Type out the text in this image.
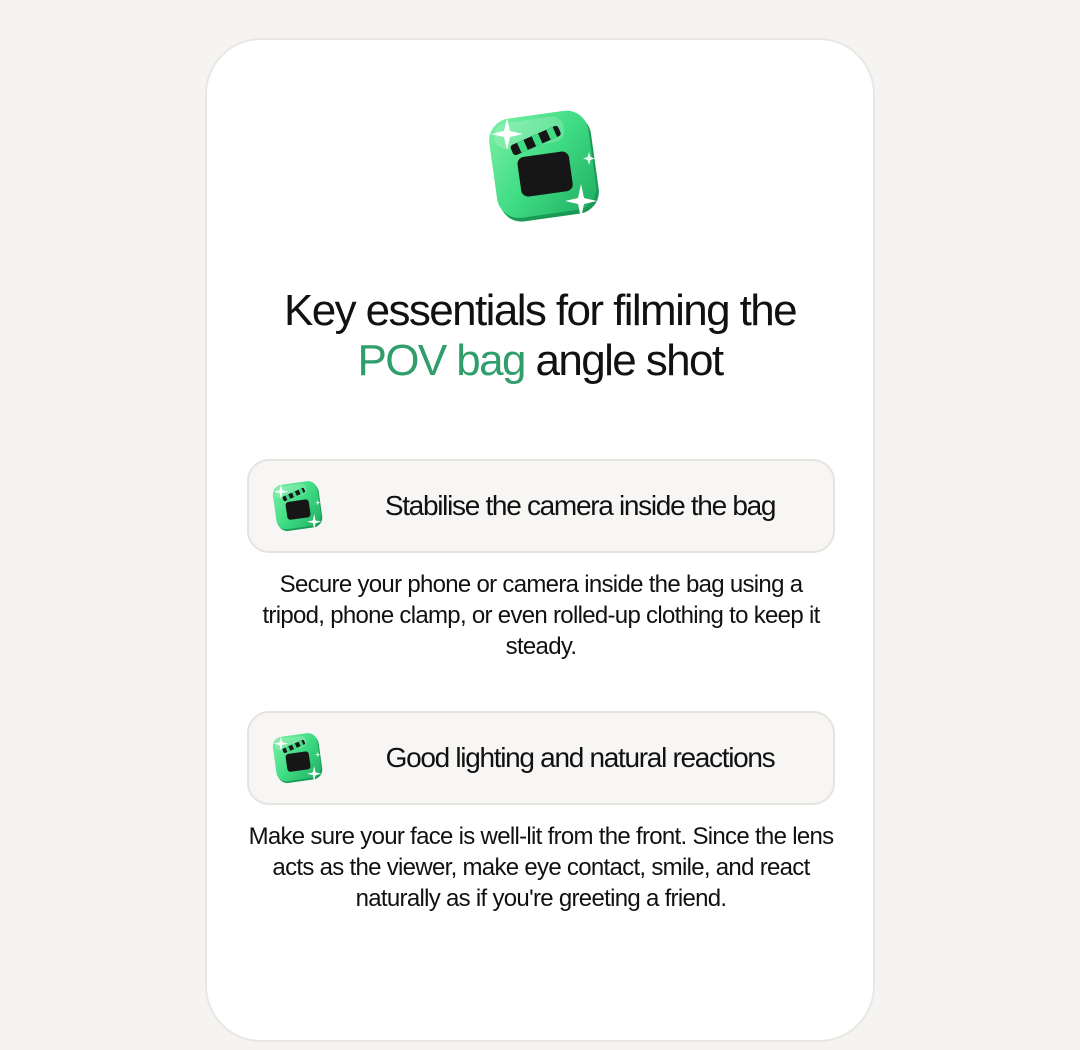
Key essentials for filming the
POV bag angle shot
Stabilise the camera inside the bag
Secure your phone or camera inside the bag using a tripod, phone clamp, or even rolled-up clothing to keep it steady.
Good lighting and natural reactions
Make sure your face is well-lit from the front. Since the lens acts as the viewer, make eye contact, smile, and react naturally as if you're greeting a friend.
